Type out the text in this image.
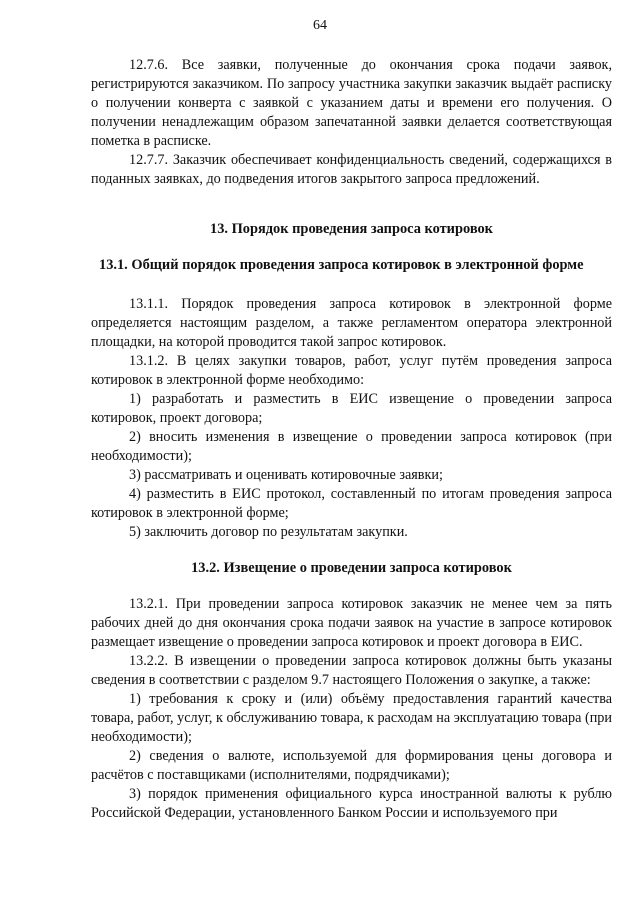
64

12.7.6. Все заявки, полученные до окончания срока подачи заявок, регистрируются заказчиком. По запросу участника закупки заказчик выдаёт расписку о получении конверта с заявкой с указанием даты и времени его получения. О получении ненадлежащим образом запечатанной заявки делается соответствующая пометка в расписке.

12.7.7. Заказчик обеспечивает конфиденциальность сведений, содержащихся в поданных заявках, до подведения итогов закрытого запроса предложений.

13. Порядок проведения запроса котировок
13.1. Общий порядок проведения запроса котировок в электронной форме

13.1.1. Порядок проведения запроса котировок в электронной форме определяется настоящим разделом, а также регламентом оператора электронной площадки, на которой проводится такой запрос котировок.

13.1.2. В целях закупки товаров, работ, услуг путём проведения запроса котировок в электронной форме необходимо:

1) разработать и разместить в ЕИС извещение о проведении запроса котировок, проект договора;

2) вносить изменения в извещение о проведении запроса котировок (при необходимости);

3) рассматривать и оценивать котировочные заявки;

4) разместить в ЕИС протокол, составленный по итогам проведения запроса котировок в электронной форме;

5) заключить договор по результатам закупки.

13.2. Извещение о проведении запроса котировок

13.2.1. При проведении запроса котировок заказчик не менее чем за пять рабочих дней до дня окончания срока подачи заявок на участие в запросе котировок размещает извещение о проведении запроса котировок и проект договора в ЕИС.

13.2.2. В извещении о проведении запроса котировок должны быть указаны сведения в соответствии с разделом 9.7 настоящего Положения о закупке, а также:

1) требования к сроку и (или) объёму предоставления гарантий качества товара, работ, услуг, к обслуживанию товара, к расходам на эксплуатацию товара (при необходимости);

2) сведения о валюте, используемой для формирования цены договора и расчётов с поставщиками (исполнителями, подрядчиками);

3) порядок применения официального курса иностранной валюты к рублю Российской Федерации, установленного Банком России и используемого при
